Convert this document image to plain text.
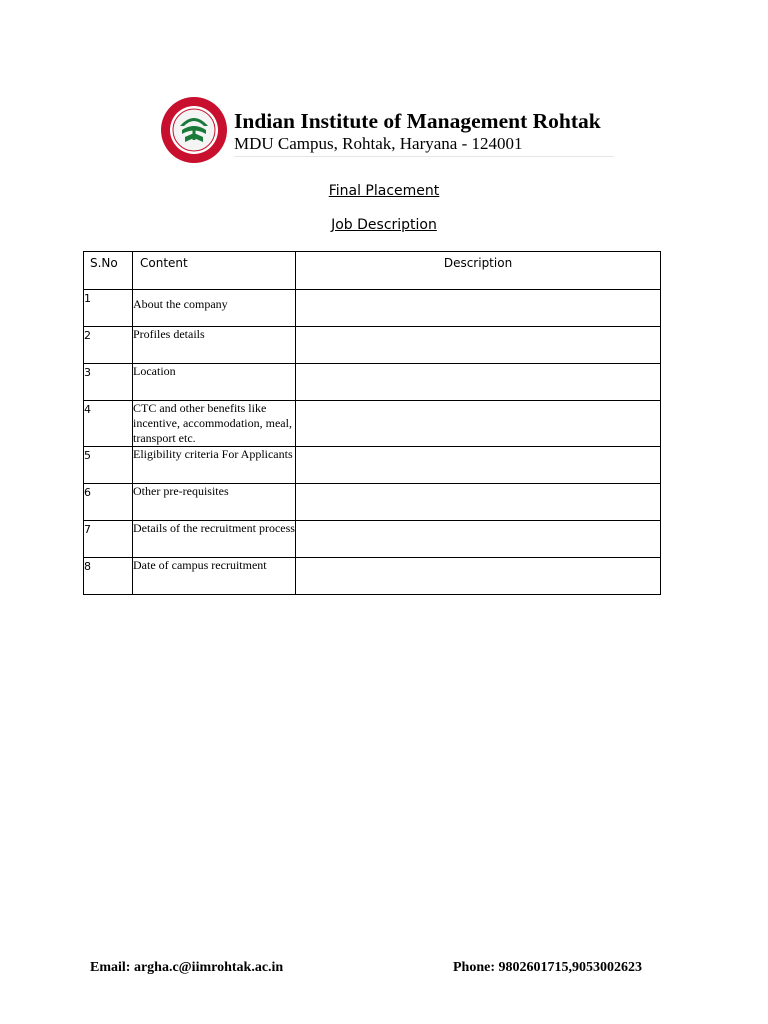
Indian Institute of Management Rohtak
MDU Campus, Rohtak, Haryana - 124001
Final Placement
Job Description
S.No	Content	Description
1	About the company	
2	Profiles details	
3	Location	
4	CTC and other benefits like incentive, accommodation, meal, transport etc.	
5	Eligibility criteria For Applicants	
6	Other pre-requisites	
7	Details of the recruitment process	
8	Date of campus recruitment	
Email: argha.c@iimrohtak.ac.in	Phone: 9802601715,9053002623
